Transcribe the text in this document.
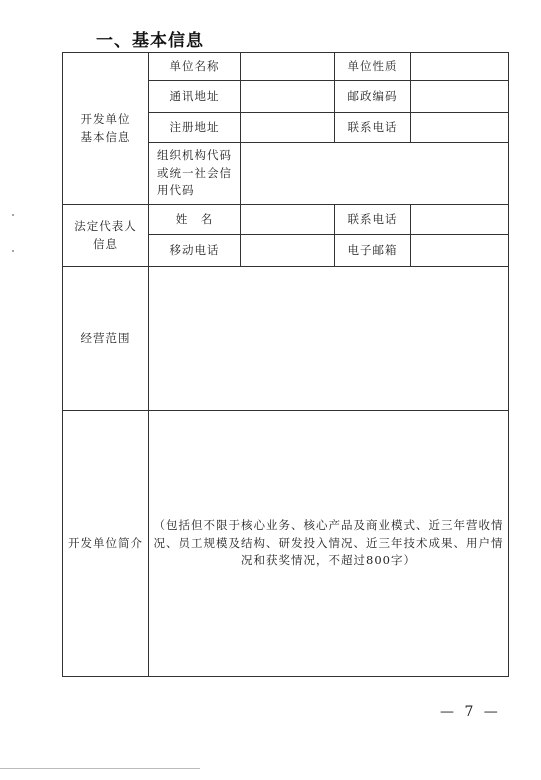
一、基本信息
开发单位
基本信息	单位名称		单位性质	
	通讯地址		邮政编码	
	注册地址		联系电话	
	组织机构代码
或统一社会信
用代码			
法定代表人
信息	姓　名		联系电话	
	移动电话		电子邮箱	
经营范围				
开发单位简介	（包括但不限于核心业务、核心产品及商业模式、近三年营收情况、员工规模及结构、研发投入情况、近三年技术成果、用户情况和获奖情况，不超过800字）			
— 7 —
